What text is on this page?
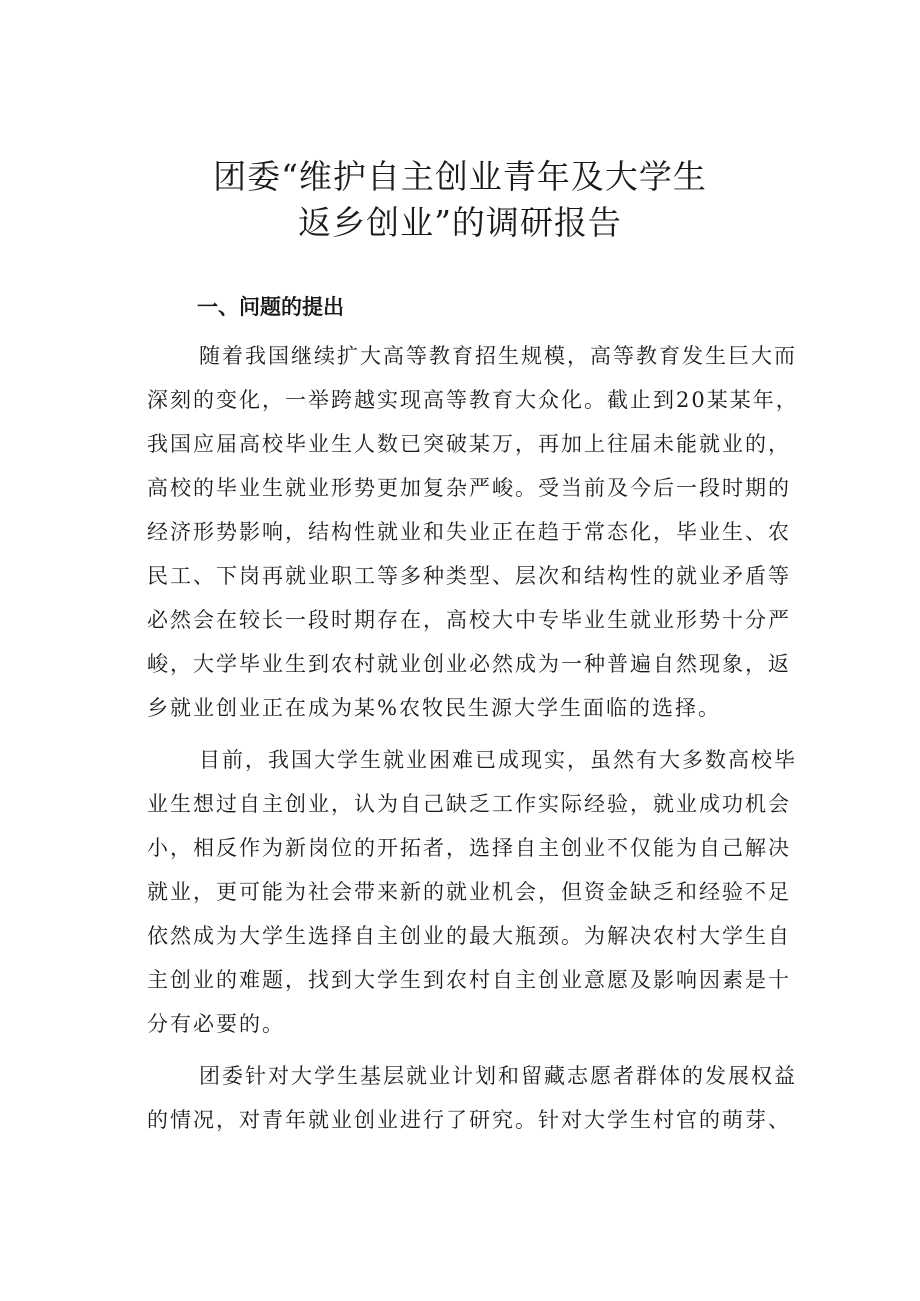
团委“维护自主创业青年及大学生
返乡创业”的调研报告
一、问题的提出

随着我国继续扩大高等教育招生规模，高等教育发生巨大而深刻的变化，一举跨越实现高等教育大众化。截止到20某某年，我国应届高校毕业生人数已突破某万，再加上往届未能就业的，高校的毕业生就业形势更加复杂严峻。受当前及今后一段时期的经济形势影响，结构性就业和失业正在趋于常态化，毕业生、农民工、下岗再就业职工等多种类型、层次和结构性的就业矛盾等必然会在较长一段时期存在，高校大中专毕业生就业形势十分严峻，大学毕业生到农村就业创业必然成为一种普遍自然现象，返乡就业创业正在成为某%农牧民生源大学生面临的选择。

目前，我国大学生就业困难已成现实，虽然有大多数高校毕业生想过自主创业，认为自己缺乏工作实际经验，就业成功机会小，相反作为新岗位的开拓者，选择自主创业不仅能为自己解决就业，更可能为社会带来新的就业机会，但资金缺乏和经验不足依然成为大学生选择自主创业的最大瓶颈。为解决农村大学生自主创业的难题，找到大学生到农村自主创业意愿及影响因素是十分有必要的。

团委针对大学生基层就业计划和留藏志愿者群体的发展权益的情况，对青年就业创业进行了研究。针对大学生村官的萌芽、
